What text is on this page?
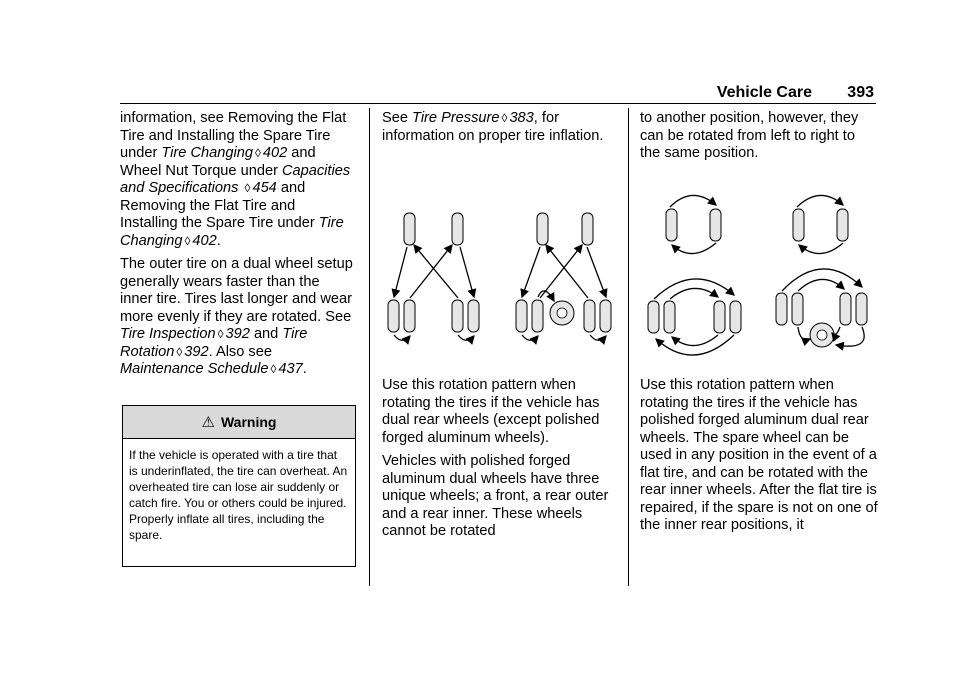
Vehicle Care 393

information, see Removing the Flat Tire and Installing the Spare Tire under Tire Changing ◊ 402 and Wheel Nut Torque under Capacities and Specifications ◊ 454 and Removing the Flat Tire and Installing the Spare Tire under Tire Changing ◊ 402.

The outer tire on a dual wheel setup generally wears faster than the inner tire. Tires last longer and wear more evenly if they are rotated. See Tire Inspection ◊ 392 and Tire Rotation ◊ 392. Also see Maintenance Schedule ◊ 437.

⚠ Warning
If the vehicle is operated with a tire that is underinflated, the tire can overheat. An overheated tire can lose air suddenly or catch fire. You or others could be injured. Properly inflate all tires, including the spare.

See Tire Pressure ◊ 383, for information on proper tire inflation.

Use this rotation pattern when rotating the tires if the vehicle has dual rear wheels (except polished forged aluminum wheels).

Vehicles with polished forged aluminum dual wheels have three unique wheels; a front, a rear outer and a rear inner. These wheels cannot be rotated

to another position, however, they can be rotated from left to right to the same position.

Use this rotation pattern when rotating the tires if the vehicle has polished forged aluminum dual rear wheels. The spare wheel can be used in any position in the event of a flat tire, and can be rotated with the rear inner wheels. After the flat tire is repaired, if the spare is not on one of the inner rear positions, it
